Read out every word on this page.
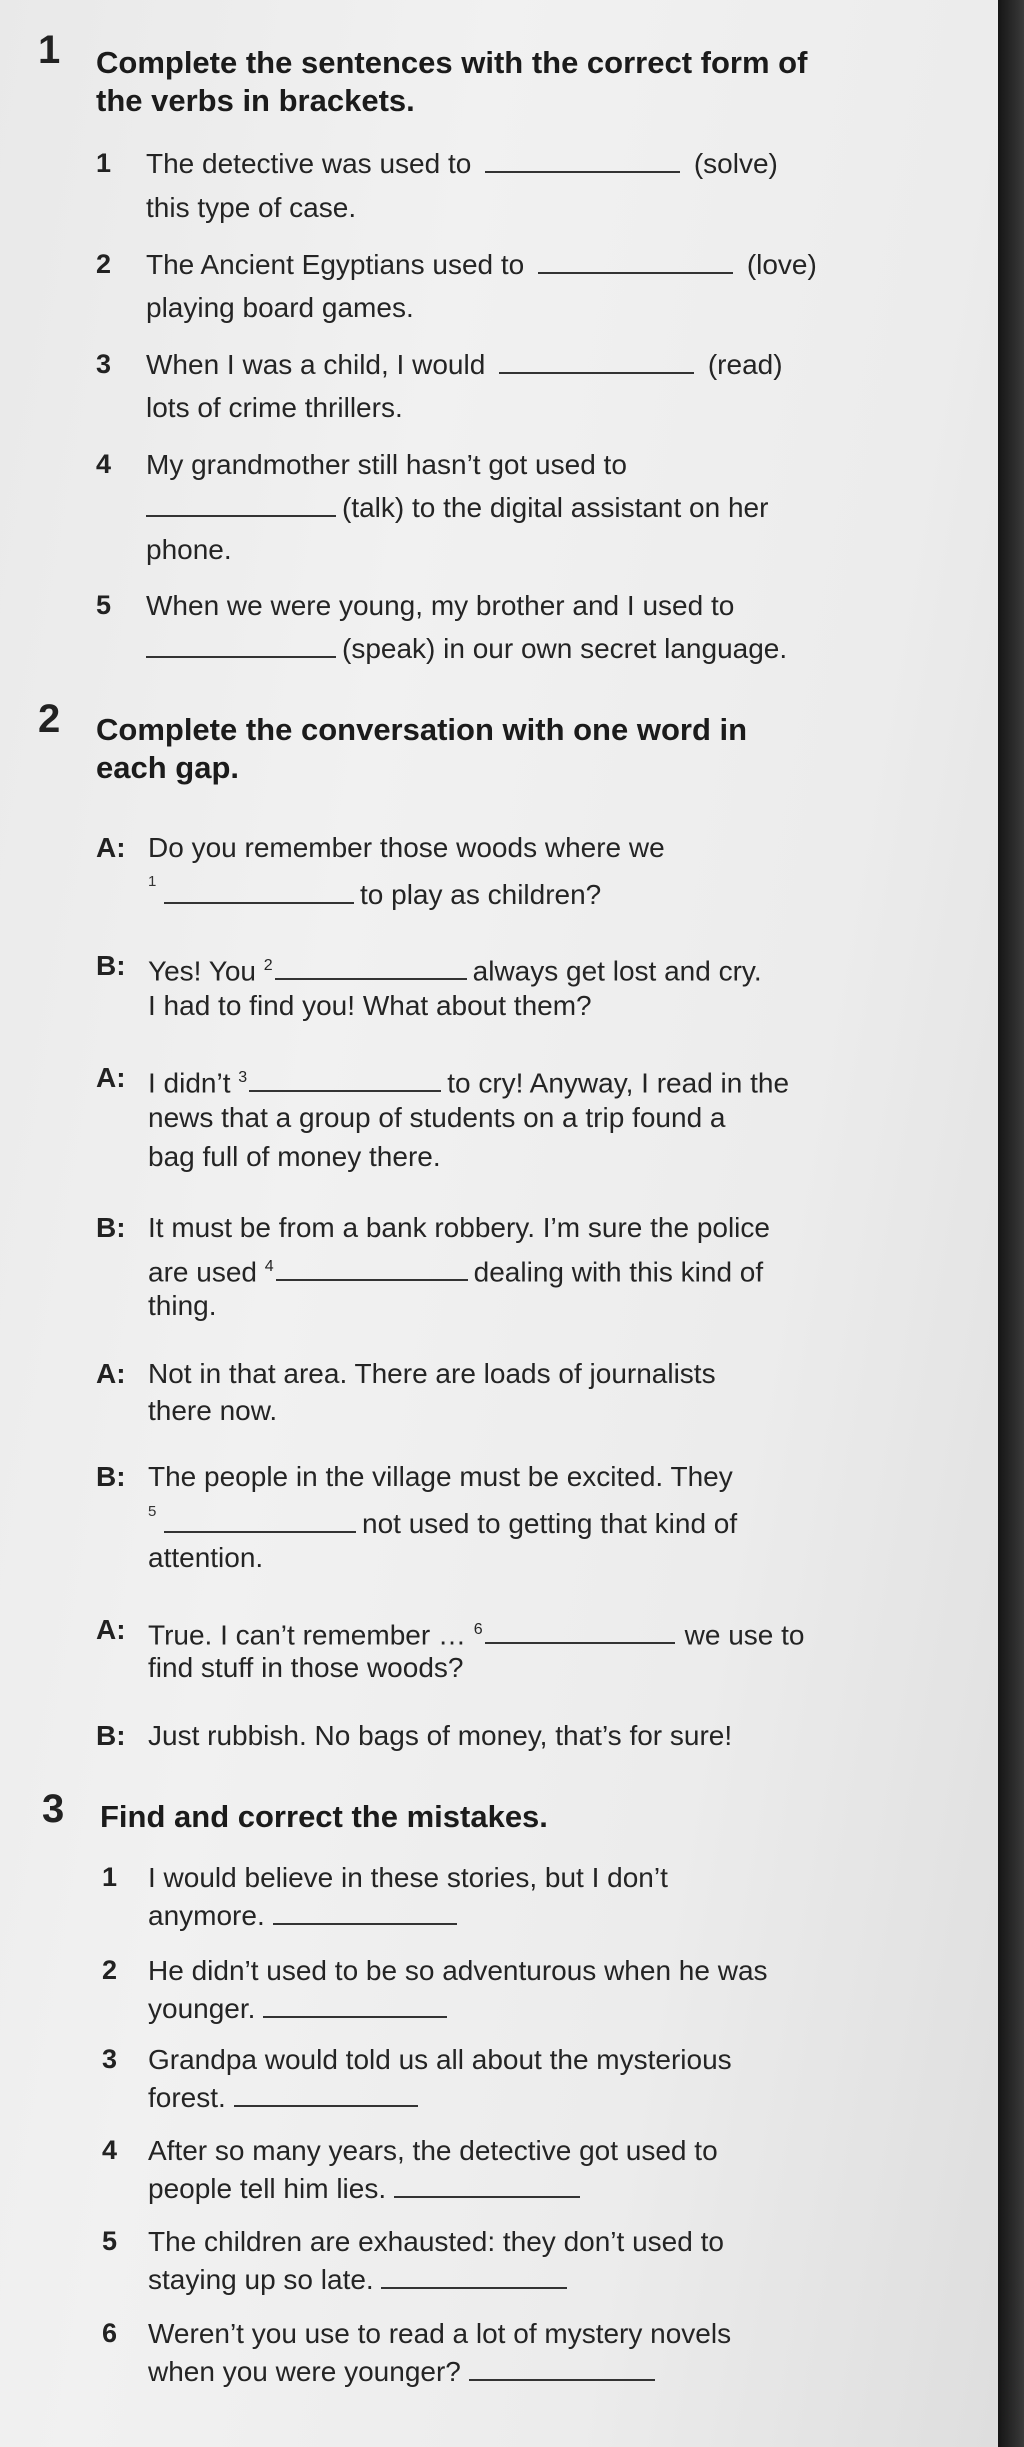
1 Complete the sentences with the correct form of
the verbs in brackets.
1 The detective was used to	(solve)
this type of case.
2 The Ancient Egyptians used to	(love)
playing board games.
3 When I was a child, I would	(read)
lots of crime thrillers.
4 My grandmother still hasn’t got used to
(talk) to the digital assistant on her
phone.
5 When we were young, my brother and I used to
(speak) in our own secret language.
2 Complete the conversation with one word in
each gap.
A: Do you remember those woods where we
1	to play as children?
B: Yes! You $^2$	always get lost and cry.
I had to find you! What about them?
A: I didn’t $^3$	to cry! Anyway, I read in the
news that a group of students on a trip found a
bag full of money there.
B: It must be from a bank robbery. I’m sure the police
are used $^4$	dealing with this kind of
thing.
A: Not in that area. There are loads of journalists
there now.
B: The people in the village must be excited. They
5	not used to getting that kind of
attention.
A: True. I can’t remember … $^6$	we use to
find stuff in those woods?
B: Just rubbish. No bags of money, that’s for sure!
3 Find and correct the mistakes.
1 I would believe in these stories, but I don’t
anymore.
2 He didn’t used to be so adventurous when he was
younger.
3 Grandpa would told us all about the mysterious
forest.
4 After so many years, the detective got used to
people tell him lies.
5 The children are exhausted: they don’t used to
staying up so late.
6 Weren’t you use to read a lot of mystery novels
when you were younger?
